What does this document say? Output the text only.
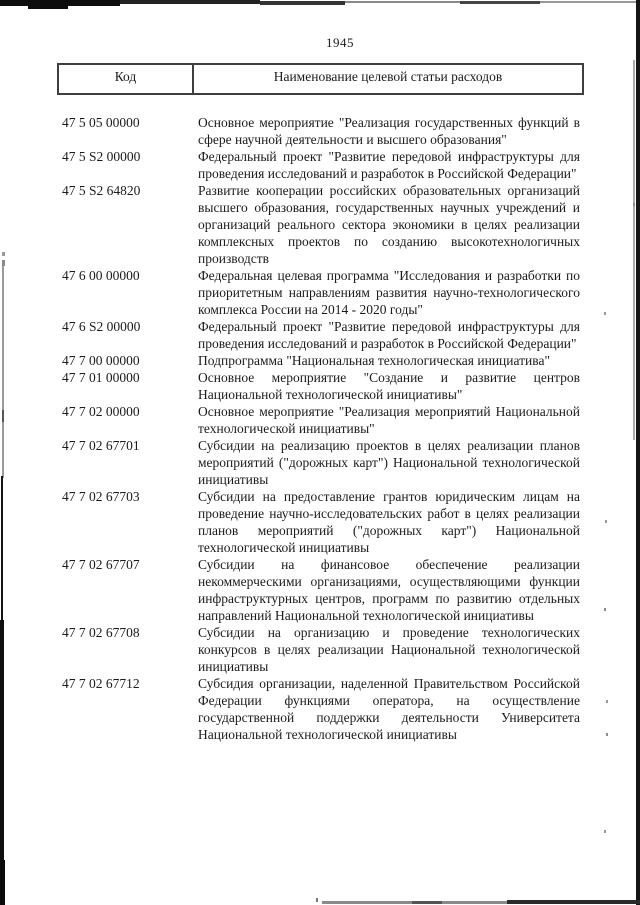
1945
Код	Наименование целевой статьи расходов
47 5 05 00000	Основное мероприятие "Реализация государственных функций в сфере научной деятельности и высшего образования"
47 5 S2 00000	Федеральный проект "Развитие передовой инфраструктуры для проведения исследований и разработок в Российской Федерации"
47 5 S2 64820	Развитие кооперации российских образовательных организаций высшего образования, государственных научных учреждений и организаций реального сектора экономики в целях реализации комплексных проектов по созданию высокотехнологичных производств
47 6 00 00000	Федеральная целевая программа "Исследования и разработки по приоритетным направлениям развития научно-технологического комплекса России на 2014 - 2020 годы"
47 6 S2 00000	Федеральный проект "Развитие передовой инфраструктуры для проведения исследований и разработок в Российской Федерации"
47 7 00 00000	Подпрограмма "Национальная технологическая инициатива"
47 7 01 00000	Основное мероприятие "Создание и развитие центров Национальной технологической инициативы"
47 7 02 00000	Основное мероприятие "Реализация мероприятий Национальной технологической инициативы"
47 7 02 67701	Субсидии на реализацию проектов в целях реализации планов мероприятий ("дорожных карт") Национальной технологической инициативы
47 7 02 67703	Субсидии на предоставление грантов юридическим лицам на проведение научно-исследовательских работ в целях реализации планов мероприятий ("дорожных карт") Национальной технологической инициативы
47 7 02 67707	Субсидии на финансовое обеспечение реализации некоммерческими организациями, осуществляющими функции инфраструктурных центров, программ по развитию отдельных направлений Национальной технологической инициативы
47 7 02 67708	Субсидии на организацию и проведение технологических конкурсов в целях реализации Национальной технологической инициативы
47 7 02 67712	Субсидия организации, наделенной Правительством Российской Федерации функциями оператора, на осуществление государственной поддержки деятельности Университета Национальной технологической инициативы
